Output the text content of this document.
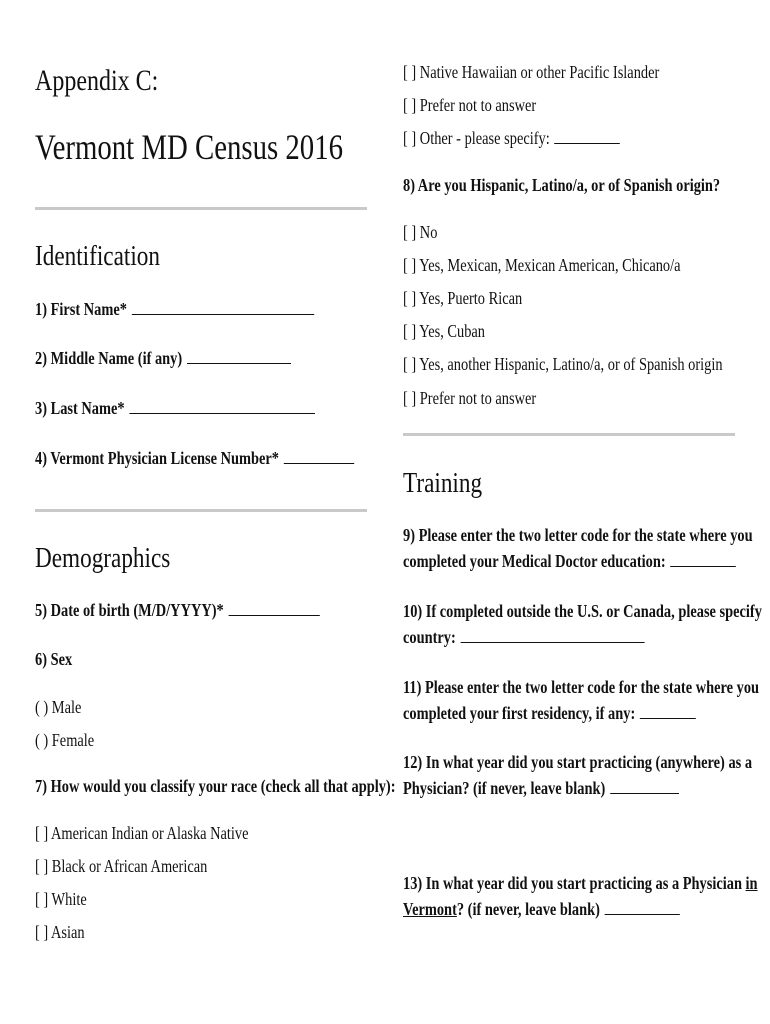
Appendix C:
Vermont MD Census 2016
Identification
1) First Name*
2) Middle Name (if any)
3) Last Name*
4) Vermont Physician License Number*
Demographics
5) Date of birth (M/D/YYYY)*
6) Sex
( ) Male
( ) Female
7) How would you classify your race (check all that apply):
[ ] American Indian or Alaska Native
[ ] Black or African American
[ ] White
[ ] Asian
[ ] Native Hawaiian or other Pacific Islander
[ ] Prefer not to answer
[ ] Other - please specify:
8) Are you Hispanic, Latino/a, or of Spanish origin?
[ ] No
[ ] Yes, Mexican, Mexican American, Chicano/a
[ ] Yes, Puerto Rican
[ ] Yes, Cuban
[ ] Yes, another Hispanic, Latino/a, or of Spanish origin
[ ] Prefer not to answer
Training
9) Please enter the two letter code for the state where you
completed your Medical Doctor education:
10) If completed outside the U.S. or Canada, please specify
country:
11) Please enter the two letter code for the state where you
completed your first residency, if any:
12) In what year did you start practicing (anywhere) as a
Physician? (if never, leave blank)
13) In what year did you start practicing as a Physician in
Vermont? (if never, leave blank)
